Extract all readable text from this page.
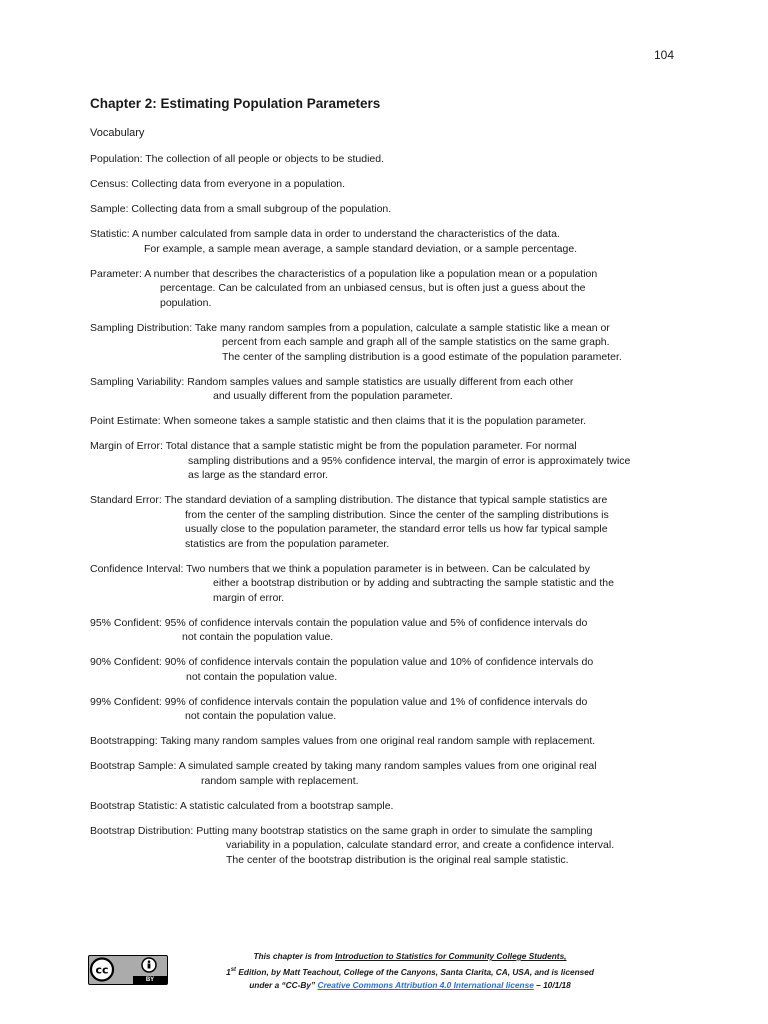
104
Chapter 2: Estimating Population Parameters
Vocabulary

Population: The collection of all people or objects to be studied.

Census: Collecting data from everyone in a population.

Sample: Collecting data from a small subgroup of the population.

Statistic: A number calculated from sample data in order to understand the characteristics of the data.
For example, a sample mean average, a sample standard deviation, or a sample percentage.

Parameter: A number that describes the characteristics of a population like a population mean or a population
percentage. Can be calculated from an unbiased census, but is often just a guess about the
population.

Sampling Distribution: Take many random samples from a population, calculate a sample statistic like a mean or
percent from each sample and graph all of the sample statistics on the same graph.
The center of the sampling distribution is a good estimate of the population parameter.

Sampling Variability: Random samples values and sample statistics are usually different from each other
and usually different from the population parameter.

Point Estimate: When someone takes a sample statistic and then claims that it is the population parameter.

Margin of Error: Total distance that a sample statistic might be from the population parameter. For normal
sampling distributions and a 95% confidence interval, the margin of error is approximately twice
as large as the standard error.

Standard Error: The standard deviation of a sampling distribution. The distance that typical sample statistics are
from the center of the sampling distribution. Since the center of the sampling distributions is
usually close to the population parameter, the standard error tells us how far typical sample
statistics are from the population parameter.

Confidence Interval: Two numbers that we think a population parameter is in between. Can be calculated by
either a bootstrap distribution or by adding and subtracting the sample statistic and the
margin of error.

95% Confident: 95% of confidence intervals contain the population value and 5% of confidence intervals do
not contain the population value.

90% Confident: 90% of confidence intervals contain the population value and 10% of confidence intervals do
not contain the population value.

99% Confident: 99% of confidence intervals contain the population value and 1% of confidence intervals do
not contain the population value.

Bootstrapping: Taking many random samples values from one original real random sample with replacement.

Bootstrap Sample: A simulated sample created by taking many random samples values from one original real
random sample with replacement.

Bootstrap Statistic: A statistic calculated from a bootstrap sample.

Bootstrap Distribution: Putting many bootstrap statistics on the same graph in order to simulate the sampling
variability in a population, calculate standard error, and create a confidence interval.
The center of the bootstrap distribution is the original real sample statistic.

cc
BY
This chapter is from Introduction to Statistics for Community College Students,
1st Edition, by Matt Teachout, College of the Canyons, Santa Clarita, CA, USA, and is licensed
under a “CC-By” Creative Commons Attribution 4.0 International license – 10/1/18
